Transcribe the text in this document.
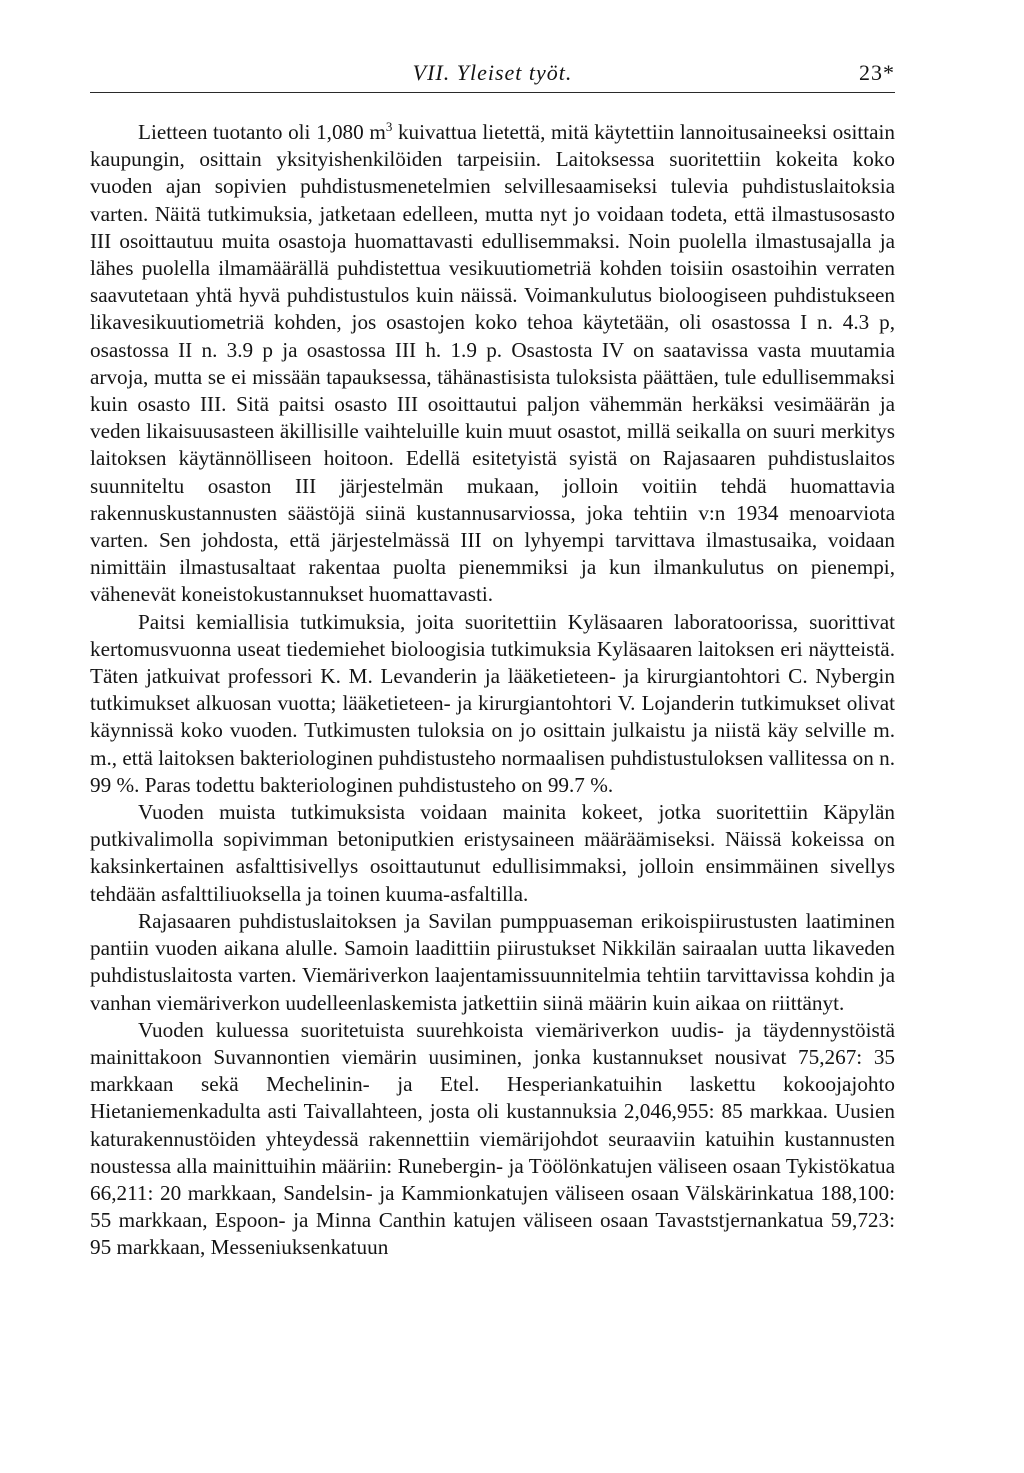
VII. Yleiset työt.	23*

Lietteen tuotanto oli 1,080 $m^3$ kuivattua lietettä, mitä käytettiin lannoitusaineeksi osittain kaupungin, osittain yksityishenkilöiden tarpeisiin. Laitoksessa suoritettiin kokeita koko vuoden ajan sopivien puhdistusmenetelmien selvillesaamiseksi tulevia puhdistuslaitoksia varten. Näitä tutkimuksia, jatketaan edelleen, mutta nyt jo voidaan todeta, että ilmastusosasto III osoittautuu muita osastoja huomattavasti edullisemmaksi. Noin puolella ilmastusajalla ja lähes puolella ilmamäärällä puhdistettua vesikuutiometriä kohden toisiin osastoihin verraten saavutetaan yhtä hyvä puhdistustulos kuin näissä. Voimankulutus bioloogiseen puhdistukseen likavesikuutiometriä kohden, jos osastojen koko tehoa käytetään, oli osastossa I n. 4.3 p, osastossa II n. 3.9 p ja osastossa III h. 1.9 p. Osastosta IV on saatavissa vasta muutamia arvoja, mutta se ei missään tapauksessa, tähänastisista tuloksista päättäen, tule edullisemmaksi kuin osasto III. Sitä paitsi osasto III osoittautui paljon vähemmän herkäksi vesimäärän ja veden likaisuusasteen äkillisille vaihteluille kuin muut osastot, millä seikalla on suuri merkitys laitoksen käytännölliseen hoitoon. Edellä esitetyistä syistä on Rajasaaren puhdistuslaitos suunniteltu osaston III järjestelmän mukaan, jolloin voitiin tehdä huomattavia rakennuskustannusten säästöjä siinä kustannusarviossa, joka tehtiin v:n 1934 menoarviota varten. Sen johdosta, että järjestelmässä III on lyhyempi tarvittava ilmastusaika, voidaan nimittäin ilmastusaltaat rakentaa puolta pienemmiksi ja kun ilmankulutus on pienempi, vähenevät koneistokustannukset huomattavasti.

Paitsi kemiallisia tutkimuksia, joita suoritettiin Kyläsaaren laboratoorissa, suorittivat kertomusvuonna useat tiedemiehet bioloogisia tutkimuksia Kyläsaaren laitoksen eri näytteistä. Täten jatkuivat professori K. M. Levanderin ja lääketieteen- ja kirurgiantohtori C. Nybergin tutkimukset alkuosan vuotta; lääketieteen- ja kirurgiantohtori V. Lojanderin tutkimukset olivat käynnissä koko vuoden. Tutkimusten tuloksia on jo osittain julkaistu ja niistä käy selville m. m., että laitoksen bakteriologinen puhdistusteho normaalisen puhdistustuloksen vallitessa on n. 99 %. Paras todettu bakteriologinen puhdistusteho on 99.7 %.

Vuoden muista tutkimuksista voidaan mainita kokeet, jotka suoritettiin Käpylän putkivalimolla sopivimman betoniputkien eristysaineen määräämiseksi. Näissä kokeissa on kaksinkertainen asfalttisivellys osoittautunut edullisimmaksi, jolloin ensimmäinen sivellys tehdään asfalttiliuoksella ja toinen kuuma-asfaltilla.

Rajasaaren puhdistuslaitoksen ja Savilan pumppuaseman erikoispiirustusten laatiminen pantiin vuoden aikana alulle. Samoin laadittiin piirustukset Nikkilän sairaalan uutta likaveden puhdistuslaitosta varten. Viemäriverkon laajentamissuunnitelmia tehtiin tarvittavissa kohdin ja vanhan viemäriverkon uudelleenlaskemista jatkettiin siinä määrin kuin aikaa on riittänyt.

Vuoden kuluessa suoritetuista suurehkoista viemäriverkon uudis- ja täydennystöistä mainittakoon Suvannontien viemärin uusiminen, jonka kustannukset nousivat 75,267: 35 markkaan sekä Mechelinin- ja Etel. Hesperiankatuihin laskettu kokoojajohto Hietaniemenkadulta asti Taivallahteen, josta oli kustannuksia 2,046,955: 85 markkaa. Uusien katurakennustöiden yhteydessä rakennettiin viemärijohdot seuraaviin katuihin kustannusten noustessa alla mainittuihin määriin: Runebergin- ja Töölönkatujen väliseen osaan Tykistökatua 66,211: 20 markkaan, Sandelsin- ja Kammionkatujen väliseen osaan Välskärinkatua 188,100: 55 markkaan, Espoon- ja Minna Canthin katujen väliseen osaan Tavaststjernankatua 59,723: 95 markkaan, Messeniuksenkatuun
